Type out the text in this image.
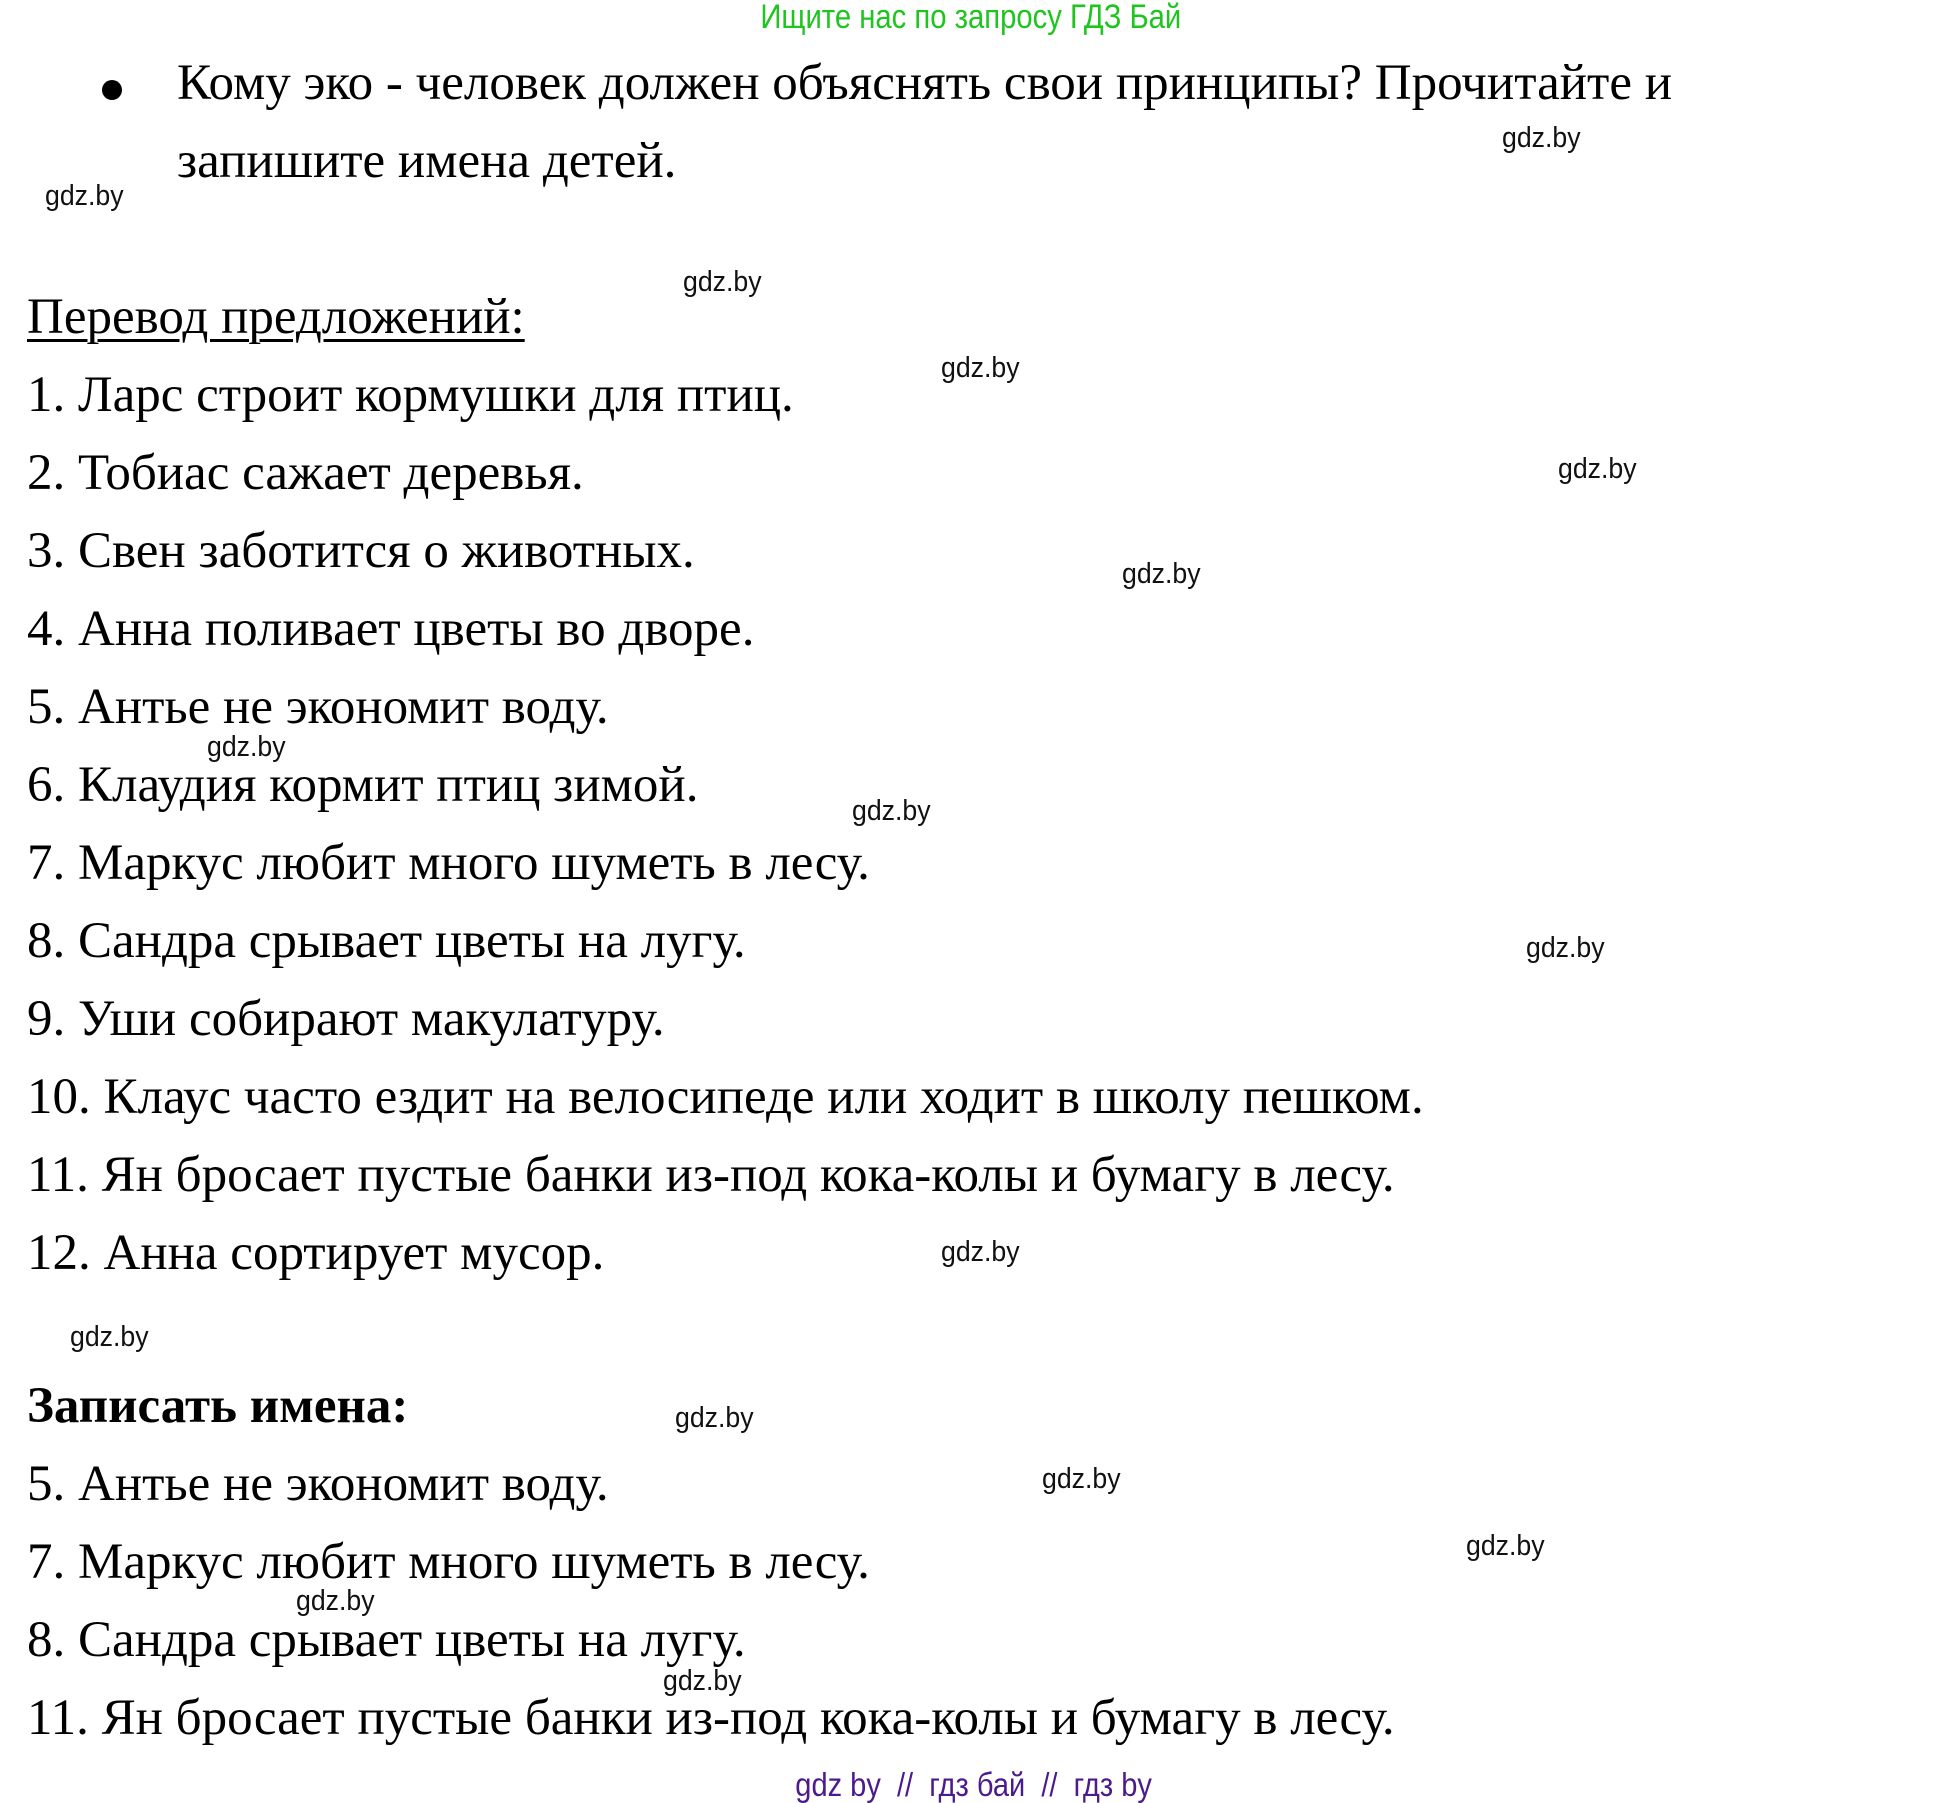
Ищите нас по запросу ГДЗ Бай
Кому эко - человек должен объяснять свои принципы? Прочитайте и
запишите имена детей.
Перевод предложений:
1. Ларс строит кормушки для птиц.
2. Тобиас сажает деревья.
3. Свен заботится о животных.
4. Анна поливает цветы во дворе.
5. Антье не экономит воду.
6. Клаудия кормит птиц зимой.
7. Маркус любит много шуметь в лесу.
8. Сандра срывает цветы на лугу.
9. Уши собирают макулатуру.
10. Клаус часто ездит на велосипеде или ходит в школу пешком.
11. Ян бросает пустые банки из-под кока-колы и бумагу в лесу.
12. Анна сортирует мусор.
Записать имена:
5. Антье не экономит воду.
7. Маркус любит много шуметь в лесу.
8. Сандра срывает цветы на лугу.
11. Ян бросает пустые банки из-под кока-колы и бумагу в лесу.
gdz.by
gdz.by
gdz.by
gdz.by
gdz.by
gdz.by
gdz.by
gdz.by
gdz.by
gdz.by
gdz.by
gdz.by
gdz.by
gdz.by
gdz.by
gdz.by
gdz by  //  гдз бай  //  гдз by
